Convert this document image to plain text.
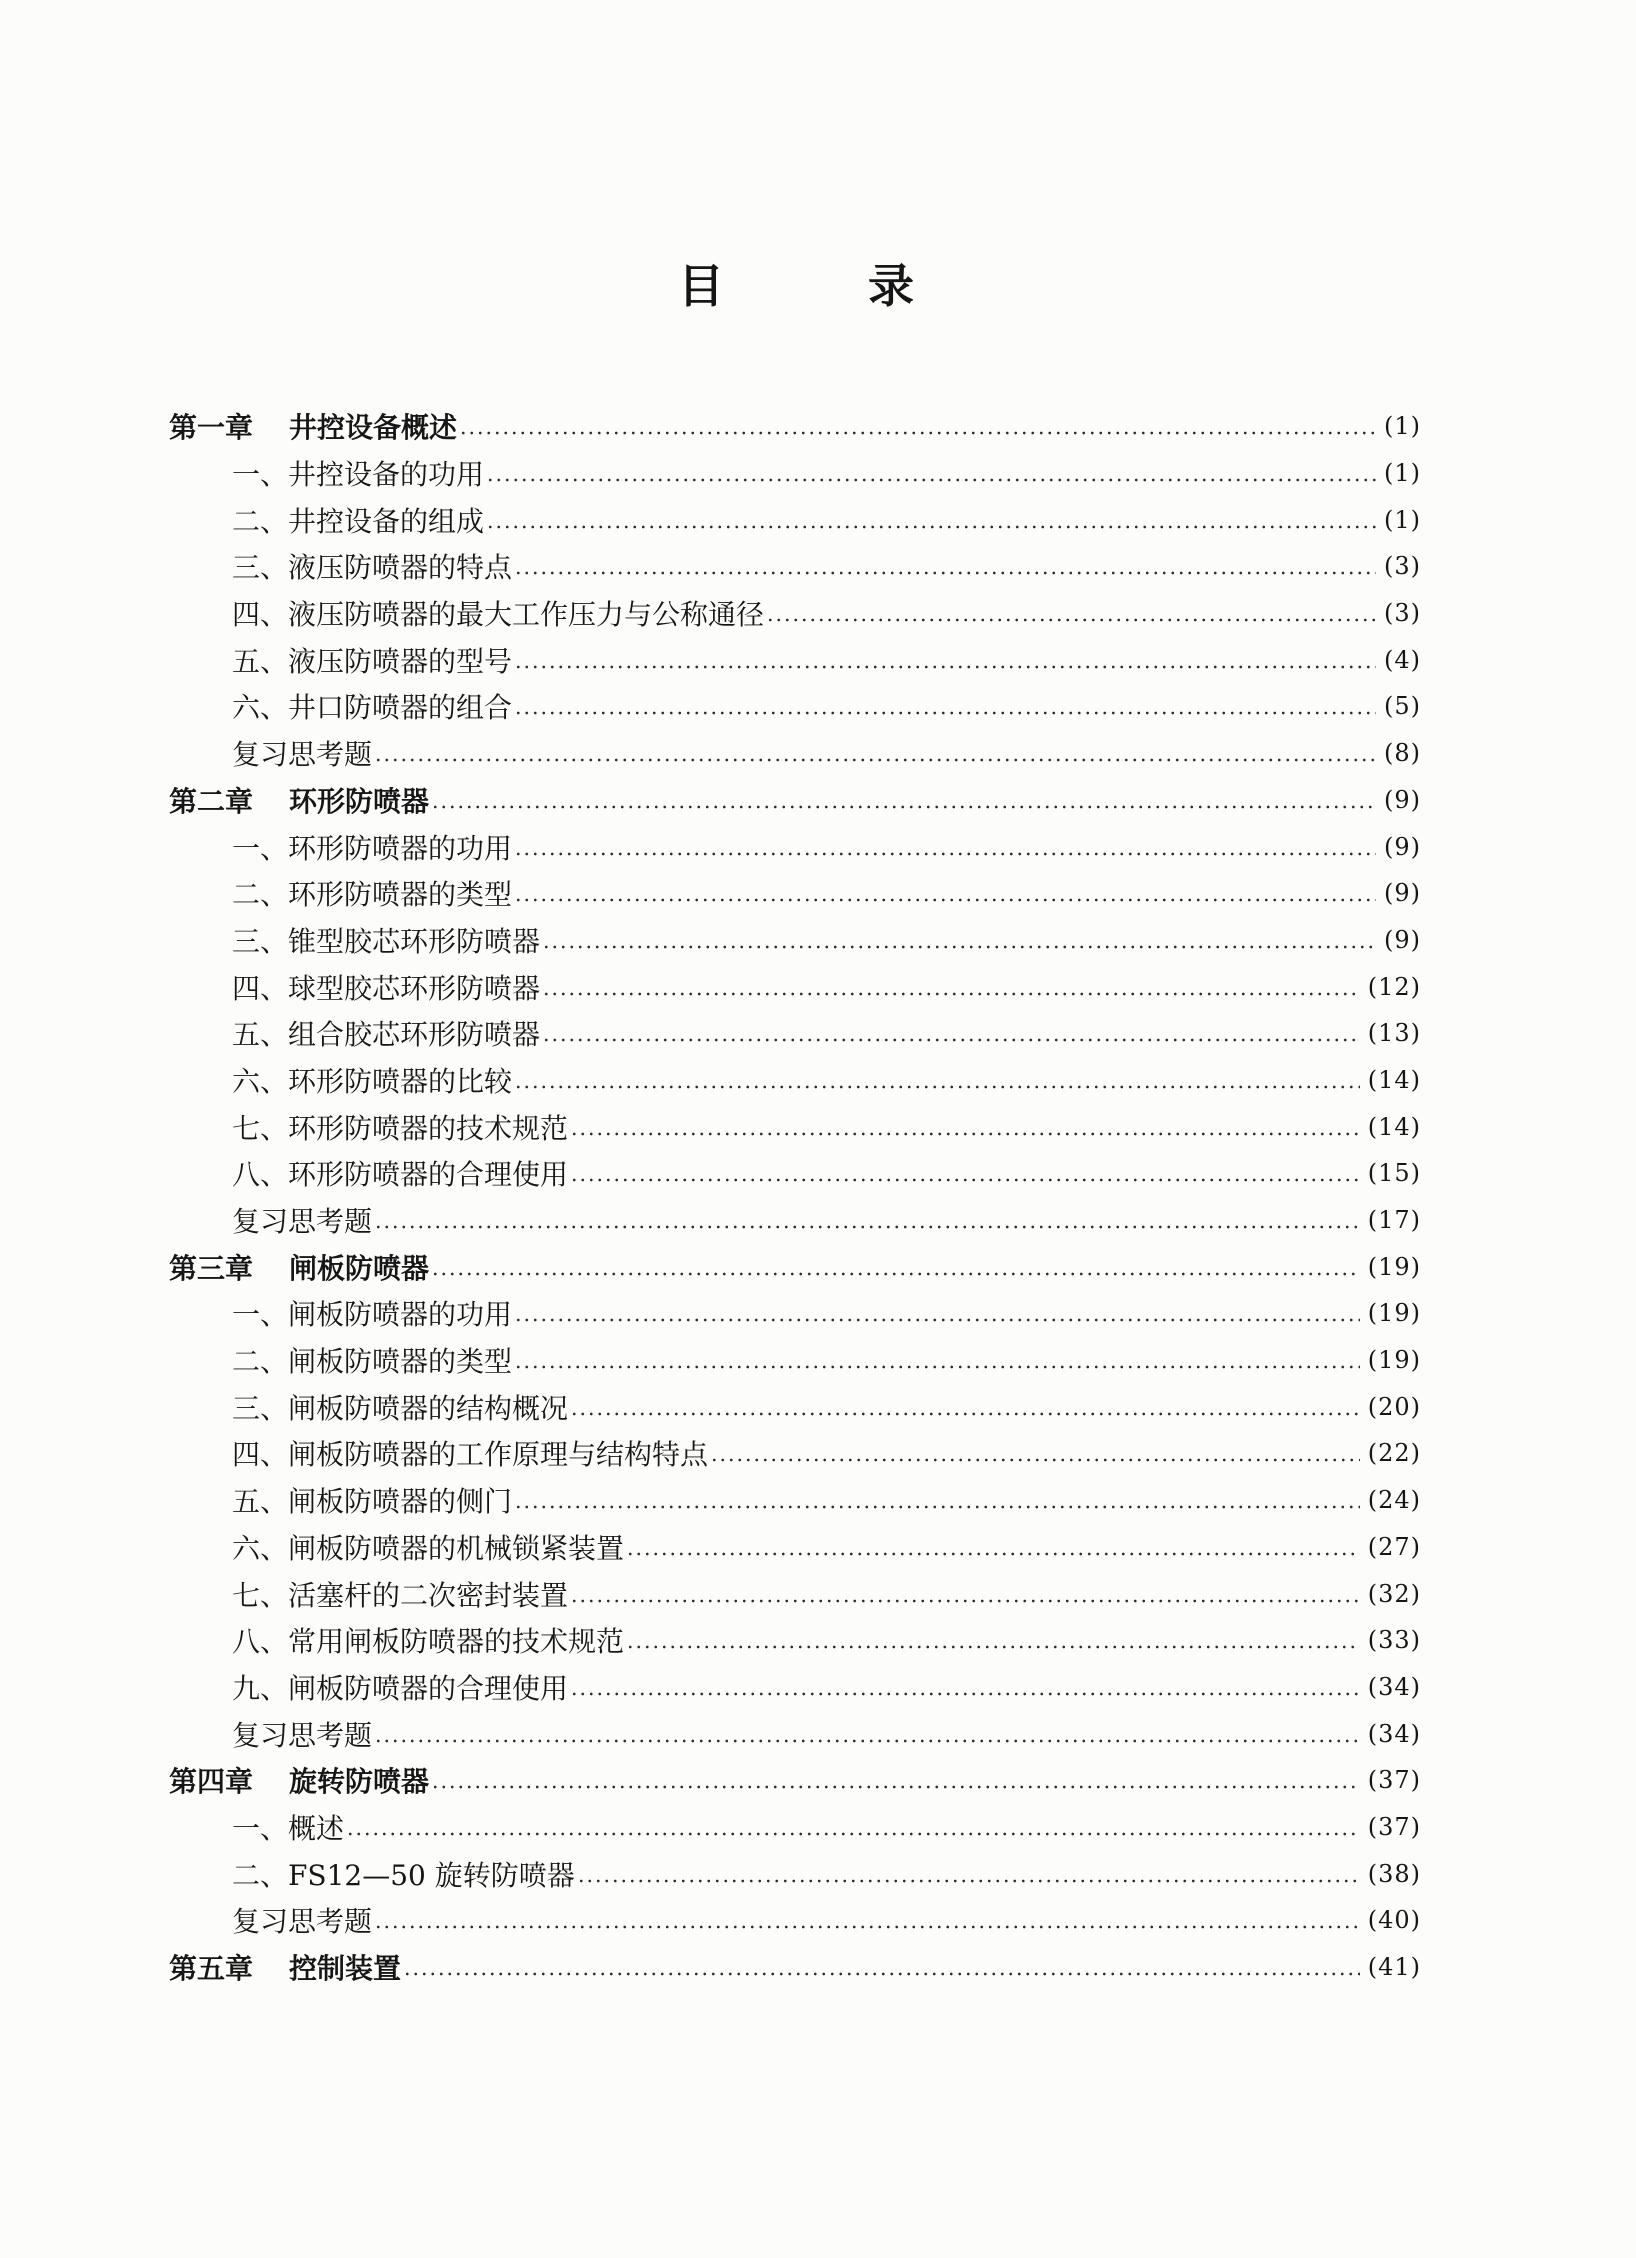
目	录
第一章 井控设备概述	(1)
一、井控设备的功用	(1)
二、井控设备的组成	(1)
三、液压防喷器的特点	(3)
四、液压防喷器的最大工作压力与公称通径	(3)
五、液压防喷器的型号	(4)
六、井口防喷器的组合	(5)
复习思考题	(8)
第二章 环形防喷器	(9)
一、环形防喷器的功用	(9)
二、环形防喷器的类型	(9)
三、锥型胶芯环形防喷器	(9)
四、球型胶芯环形防喷器	(12)
五、组合胶芯环形防喷器	(13)
六、环形防喷器的比较	(14)
七、环形防喷器的技术规范	(14)
八、环形防喷器的合理使用	(15)
复习思考题	(17)
第三章 闸板防喷器	(19)
一、闸板防喷器的功用	(19)
二、闸板防喷器的类型	(19)
三、闸板防喷器的结构概况	(20)
四、闸板防喷器的工作原理与结构特点	(22)
五、闸板防喷器的侧门	(24)
六、闸板防喷器的机械锁紧装置	(27)
七、活塞杆的二次密封装置	(32)
八、常用闸板防喷器的技术规范	(33)
九、闸板防喷器的合理使用	(34)
复习思考题	(34)
第四章 旋转防喷器	(37)
一、概述	(37)
二、FS12—50 旋转防喷器	(38)
复习思考题	(40)
第五章 控制装置	(41)
